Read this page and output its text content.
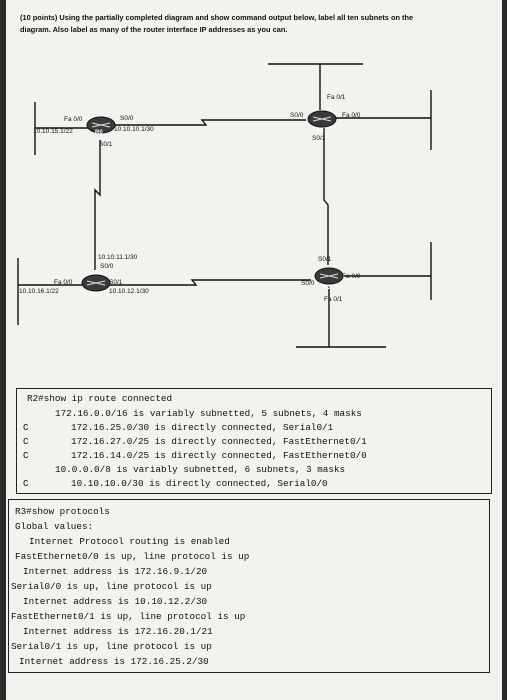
(10 points) Using the partially completed diagram and show command output below, label all ten subnets on the diagram. Also label as many of the router interface IP addresses as you can.
R0	R2
R1
R3
Fa 0/0	S0/0
10.10.15.1/22	10.10.10.1/30
S0/1
Fa 0/1
S0/0	Fa 0/0
S0/1
10.10.11.1/30
S0/0
Fa 0/0	S0/1
10.10.16.1/22	10.10.12.1/30
S0/1
Fa 0/0
S0/0
Fa 0/1
R2#show ip route connected
172.16.0.0/16 is variably subnetted, 5 subnets, 4 masks
C	172.16.25.0/30 is directly connected, Serial0/1
C	172.16.27.0/25 is directly connected, FastEthernet0/1
C	172.16.14.0/25 is directly connected, FastEthernet0/0
10.0.0.0/8 is variably subnetted, 6 subnets, 3 masks
C	10.10.10.0/30 is directly connected, Serial0/0
R3#show protocols
Global values:
Internet Protocol routing is enabled
FastEthernet0/0 is up, line protocol is up
Internet address is 172.16.9.1/20
Serial0/0 is up, line protocol is up
Internet address is 10.10.12.2/30
FastEthernet0/1 is up, line protocol is up
Internet address is 172.16.20.1/21
Serial0/1 is up, line protocol is up
Internet address is 172.16.25.2/30
